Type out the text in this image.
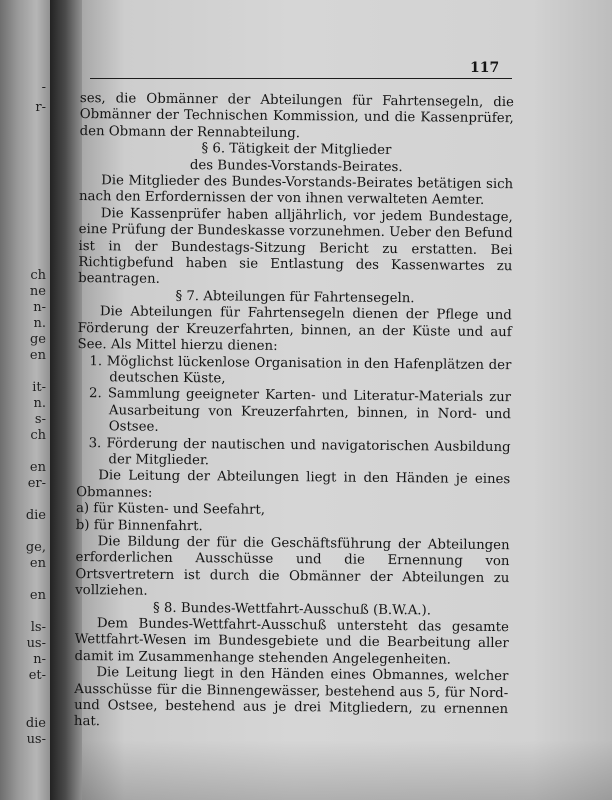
-
r-
ch
ne
n-
n.
ge
en
it-
n.
s-
ch
en
er-
die
ge,
en
en
ls-
us-
n-
et-
die
us-
117

ses, die Obmänner der Abteilungen für Fahrtensegeln, die Obmänner der Technischen Kommission, und die Kassenprüfer, den Obmann der Rennabteilung.

§ 6. Tätigkeit der Mitglieder

des Bundes-Vorstands-Beirates.

Die Mitglieder des Bundes-Vorstands-Beirates betätigen sich nach den Erfordernissen der von ihnen verwalteten Aemter.

Die Kassenprüfer haben alljährlich, vor jedem Bundestage, eine Prüfung der Bundeskasse vorzunehmen. Ueber den Befund ist in der Bundestags-Sitzung Bericht zu erstatten. Bei Richtigbefund haben sie Entlastung des Kassenwartes zu beantragen.

§ 7. Abteilungen für Fahrtensegeln.

Die Abteilungen für Fahrtensegeln dienen der Pflege und Förderung der Kreuzerfahrten, binnen, an der Küste und auf See. Als Mittel hierzu dienen:

1. Möglichst lückenlose Organisation in den Hafenplätzen der deutschen Küste,

2. Sammlung geeigneter Karten- und Literatur-Materials zur Ausarbeitung von Kreuzerfahrten, binnen, in Nord- und Ostsee.

3. Förderung der nautischen und navigatorischen Ausbildung der Mitglieder.

Die Leitung der Abteilungen liegt in den Händen je eines Obmannes:

a) für Küsten- und Seefahrt,

b) für Binnenfahrt.

Die Bildung der für die Geschäftsführung der Abteilungen erforderlichen Ausschüsse und die Ernennung von Ortsvertretern ist durch die Obmänner der Abteilungen zu vollziehen.

§ 8. Bundes-Wettfahrt-Ausschuß (B.W.A.).

Dem Bundes-Wettfahrt-Ausschuß untersteht das gesamte Wettfahrt-Wesen im Bundesgebiete und die Bearbeitung aller damit im Zusammenhange stehenden Angelegenheiten.

Die Leitung liegt in den Händen eines Obmannes, welcher Ausschüsse für die Binnengewässer, bestehend aus 5, für Nord- und Ostsee, bestehend aus je drei Mitgliedern, zu ernennen hat.
